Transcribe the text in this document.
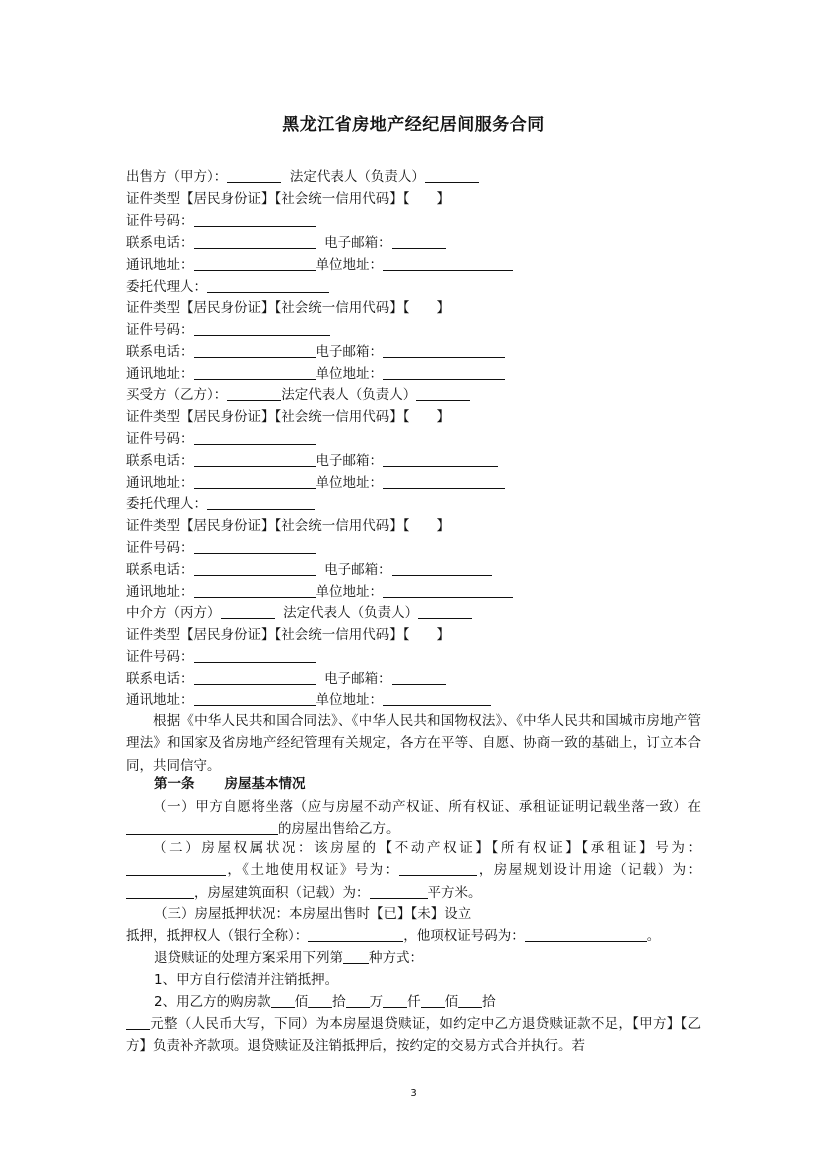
黑龙江省房地产经纪居间服务合同
出售方（甲方）：	法定代表人（负责人）
证件类型【居民身份证】【社会统一信用代码】【　　】
证件号码：
联系电话：	电子邮箱：
通讯地址：	单位地址：
委托代理人：
证件类型【居民身份证】【社会统一信用代码】【　　】
证件号码：
联系电话：	电子邮箱：
通讯地址：	单位地址：
买受方（乙方）：	法定代表人（负责人）
证件类型【居民身份证】【社会统一信用代码】【　　】
证件号码：
联系电话：	电子邮箱：
通讯地址：	单位地址：
委托代理人：
证件类型【居民身份证】【社会统一信用代码】【　　】
证件号码：
联系电话：	电子邮箱：
通讯地址：	单位地址：
中介方（丙方）	法定代表人（负责人）
证件类型【居民身份证】【社会统一信用代码】【　　】
证件号码：
联系电话：	电子邮箱：
通讯地址：	单位地址：
根据《中华人民共和国合同法》、《中华人民共和国物权法》、《中华人民共和国城市房地产管理法》和国家及省房地产经纪管理有关规定，各方在平等、自愿、协商一致的基础上，订立本合同，共同信守。
第一条 房屋基本情况
（一）甲方自愿将坐落（应与房屋不动产权证、所有权证、承租证证明记载坐落一致）在的房屋出售给乙方。
（二）房屋权属状况：该房屋的【不动产权证】【所有权证】【承租证】号为：，《土地使用权证》号为：	，房屋规划设计用途（记载）为：，房屋建筑面积（记载）为：	平方米。
（三）房屋抵押状况：本房屋出售时【已】【未】设立
抵押，抵押权人（银行全称）：	，他项权证号码为：	。
退贷赎证的处理方案采用下列第 种方式：
1、甲方自行偿清并注销抵押。
2、用乙方的购房款 佰 拾 万 仟 佰 拾
元整（人民币大写，下同）为本房屋退贷赎证，如约定中乙方退贷赎证款不足，【甲方】【乙方】负责补齐款项。退贷赎证及注销抵押后，按约定的交易方式合并执行。若
3
